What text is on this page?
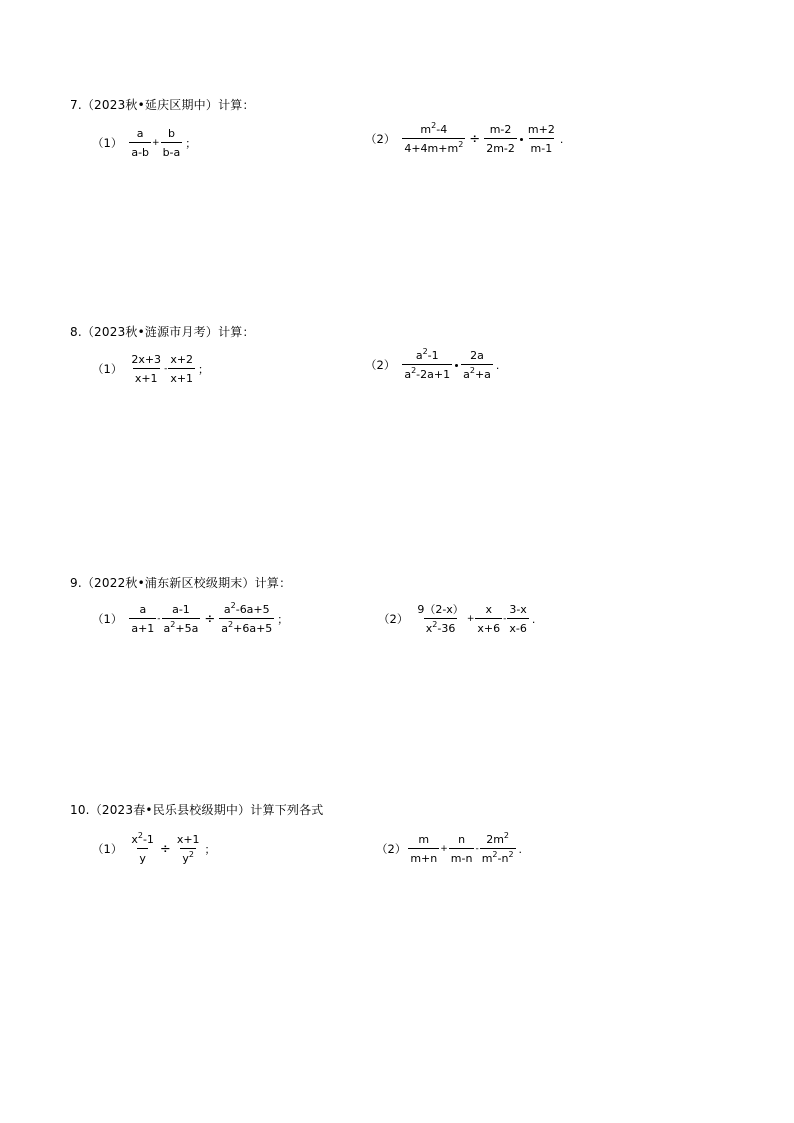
7.（2023秋•延庆区期中）计算：
$(1) \frac{a}{a-b} + \frac{b}{b-a}$ ；	$(2) \frac{m^2-4}{4+4m+m^2} \div \frac{m-2}{2m-2} \frac{m+2}{m-1}$ .
8.（2023秋•涟源市月考）计算：
$(1) \frac{2x+3}{x+1} - \frac{x+2}{x+1}$ ；	$(2) \frac{a^2-1}{a^2-2a+1} \frac{2a}{a^2+a}$ .
9.（2022秋•浦东新区校级期末）计算：
$(1) \frac{a}{a+1} - \frac{a-1}{a^2+5a} \div \frac{a^2-6a+5}{a^2+6a+5}$ ；	$(2) \frac{9(2-x)}{x^2-36} + \frac{x}{x+6} - \frac{3-x}{x-6}$ .
10.（2023春•民乐县校级期中）计算下列各式
$(1) \frac{x^2-1}{y} \div \frac{x+1}{y^2}$ ；	$(2) \frac{m}{m+n} + \frac{n}{m-n} - \frac{2m^2}{m^2-n^2}$ .
